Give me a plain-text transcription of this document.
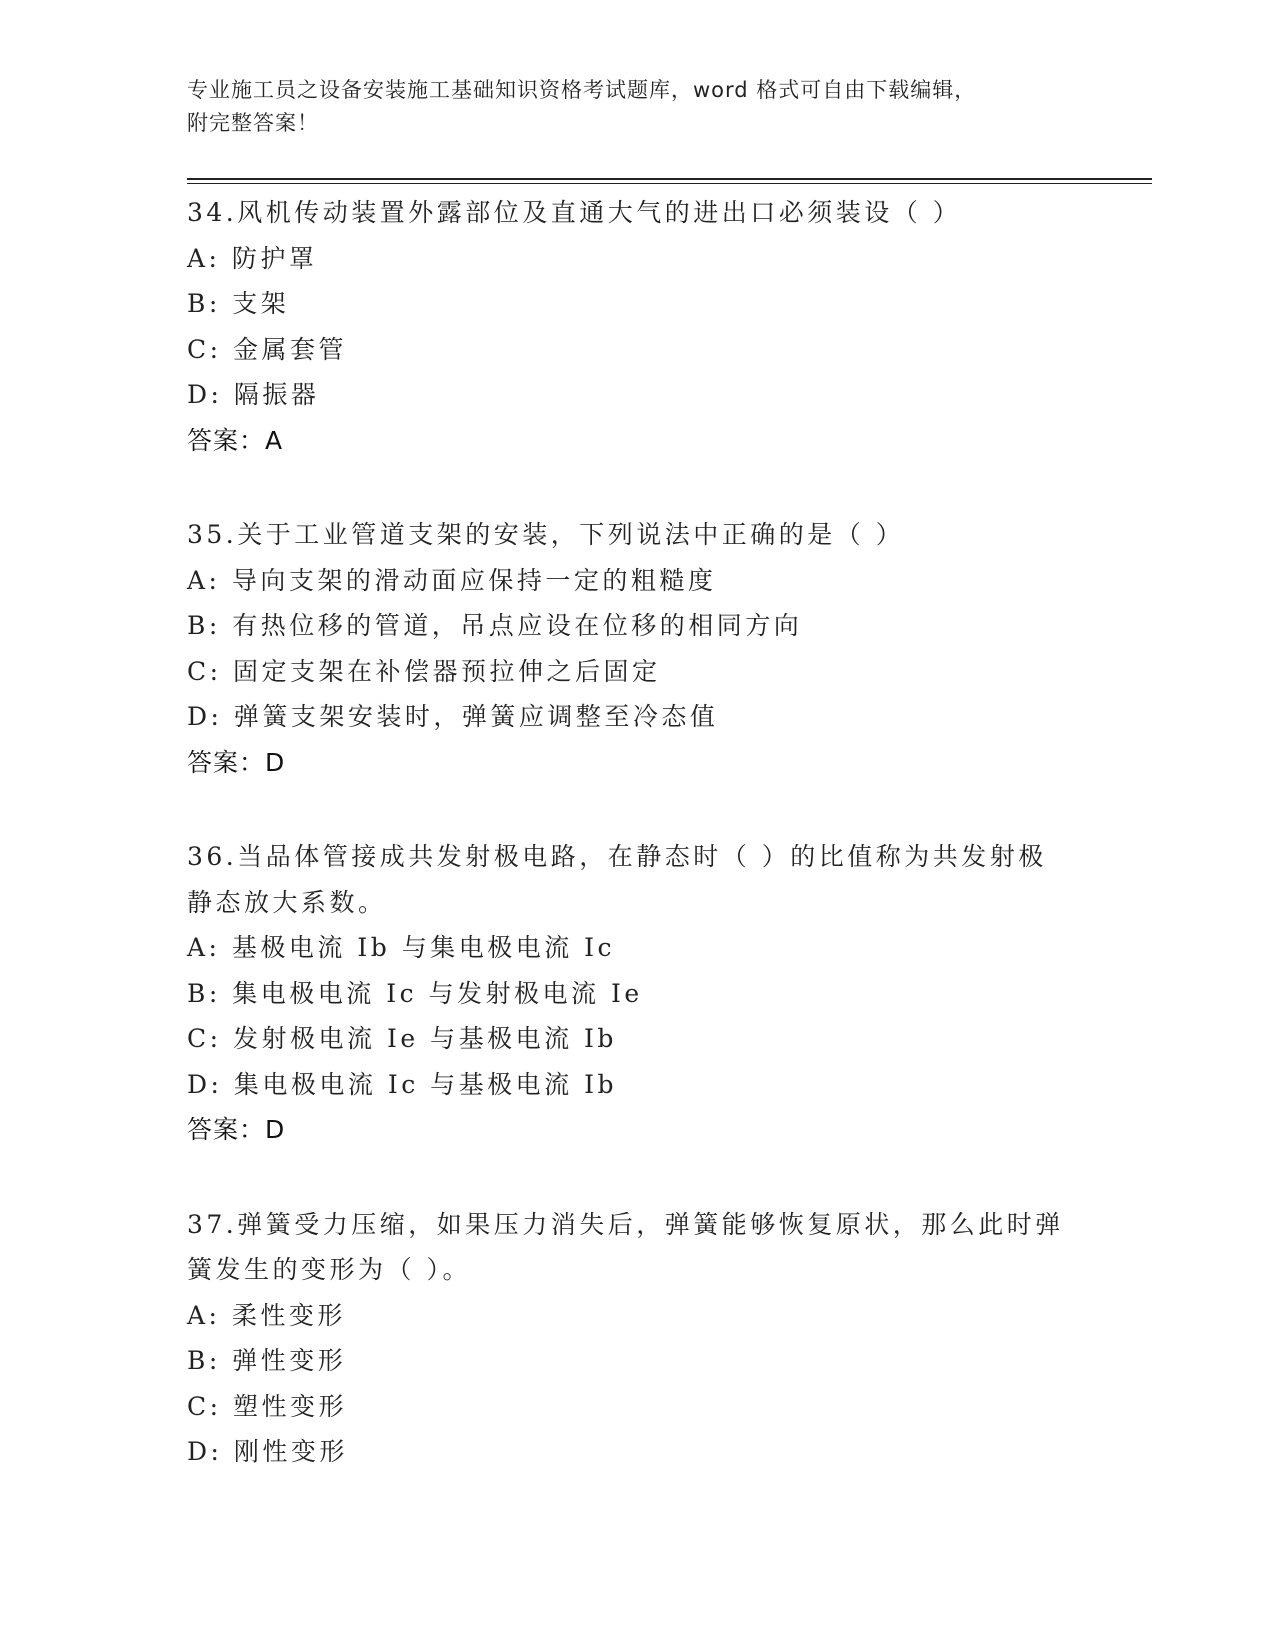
专业施工员之设备安装施工基础知识资格考试题库，word 格式可自由下载编辑，
附完整答案！
34.风机传动装置外露部位及直通大气的进出口必须装设（ ）
A: 防护罩
B: 支架
C: 金属套管
D: 隔振器
答案：A
35.关于工业管道支架的安装，下列说法中正确的是（ ）
A: 导向支架的滑动面应保持一定的粗糙度
B: 有热位移的管道，吊点应设在位移的相同方向
C: 固定支架在补偿器预拉伸之后固定
D: 弹簧支架安装时，弹簧应调整至冷态值
答案：D
36.当品体管接成共发射极电路，在静态时（ ）的比值称为共发射极
静态放大系数。
A: 基极电流 Ib 与集电极电流 Ic
B: 集电极电流 Ic 与发射极电流 Ie
C: 发射极电流 Ie 与基极电流 Ib
D: 集电极电流 Ic 与基极电流 Ib
答案：D
37.弹簧受力压缩，如果压力消失后，弹簧能够恢复原状，那么此时弹
簧发生的变形为（ ）。
A: 柔性变形
B: 弹性变形
C: 塑性变形
D: 刚性变形
